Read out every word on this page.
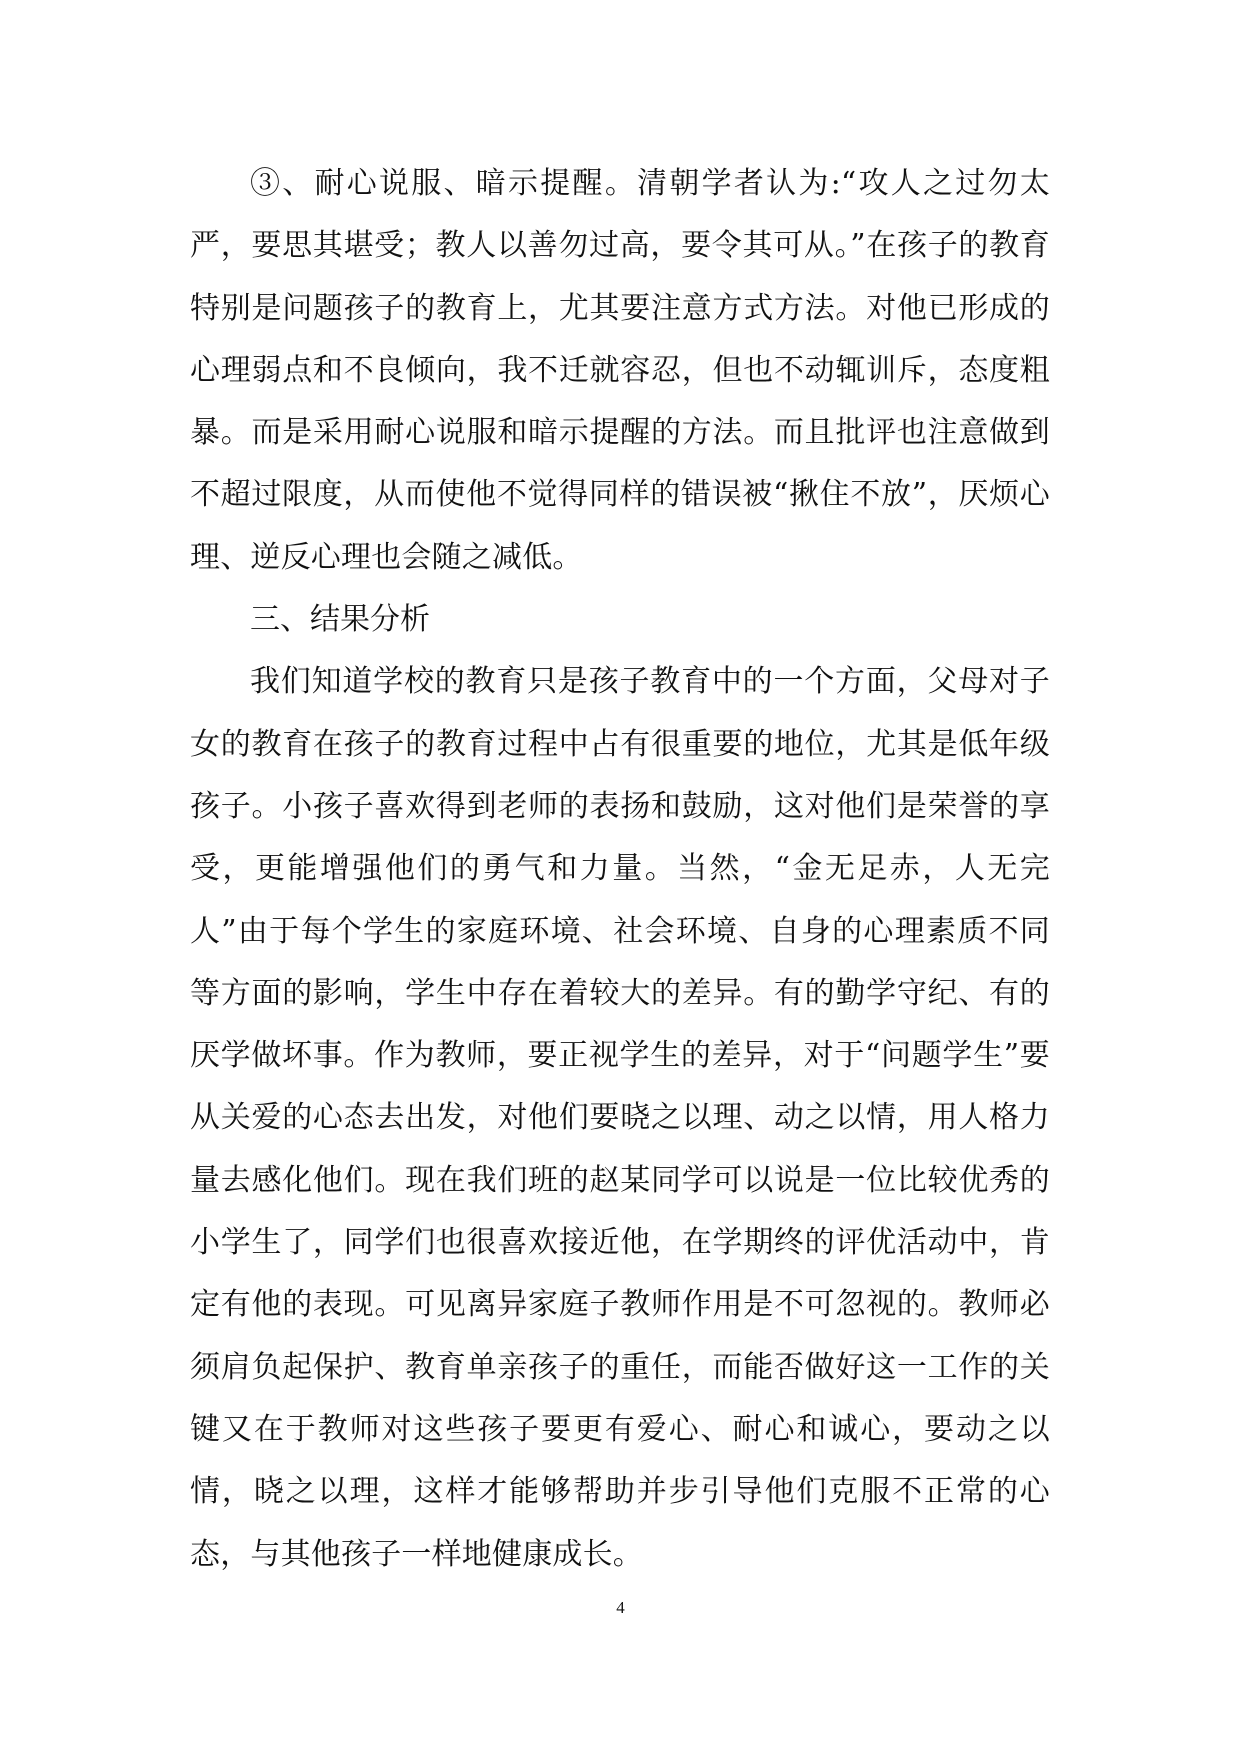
③、耐心说服、暗示提醒。清朝学者认为:“攻人之过勿太严，要思其堪受；教人以善勿过高，要令其可从。”在孩子的教育特别是问题孩子的教育上，尤其要注意方式方法。对他已形成的心理弱点和不良倾向，我不迁就容忍，但也不动辄训斥，态度粗暴。而是采用耐心说服和暗示提醒的方法。而且批评也注意做到不超过限度，从而使他不觉得同样的错误被“揪住不放”，厌烦心理、逆反心理也会随之减低。

三、结果分析

我们知道学校的教育只是孩子教育中的一个方面，父母对子女的教育在孩子的教育过程中占有很重要的地位，尤其是低年级孩子。小孩子喜欢得到老师的表扬和鼓励，这对他们是荣誉的享受，更能增强他们的勇气和力量。当然，“金无足赤，人无完人”由于每个学生的家庭环境、社会环境、自身的心理素质不同等方面的影响，学生中存在着较大的差异。有的勤学守纪、有的厌学做坏事。作为教师，要正视学生的差异，对于“问题学生”要从关爱的心态去出发，对他们要晓之以理、动之以情，用人格力量去感化他们。现在我们班的赵某同学可以说是一位比较优秀的小学生了，同学们也很喜欢接近他，在学期终的评优活动中，肯定有他的表现。可见离异家庭子教师作用是不可忽视的。教师必须肩负起保护、教育单亲孩子的重任，而能否做好这一工作的关键又在于教师对这些孩子要更有爱心、耐心和诚心，要动之以情，晓之以理，这样才能够帮助并步引导他们克服不正常的心态，与其他孩子一样地健康成长。

4
